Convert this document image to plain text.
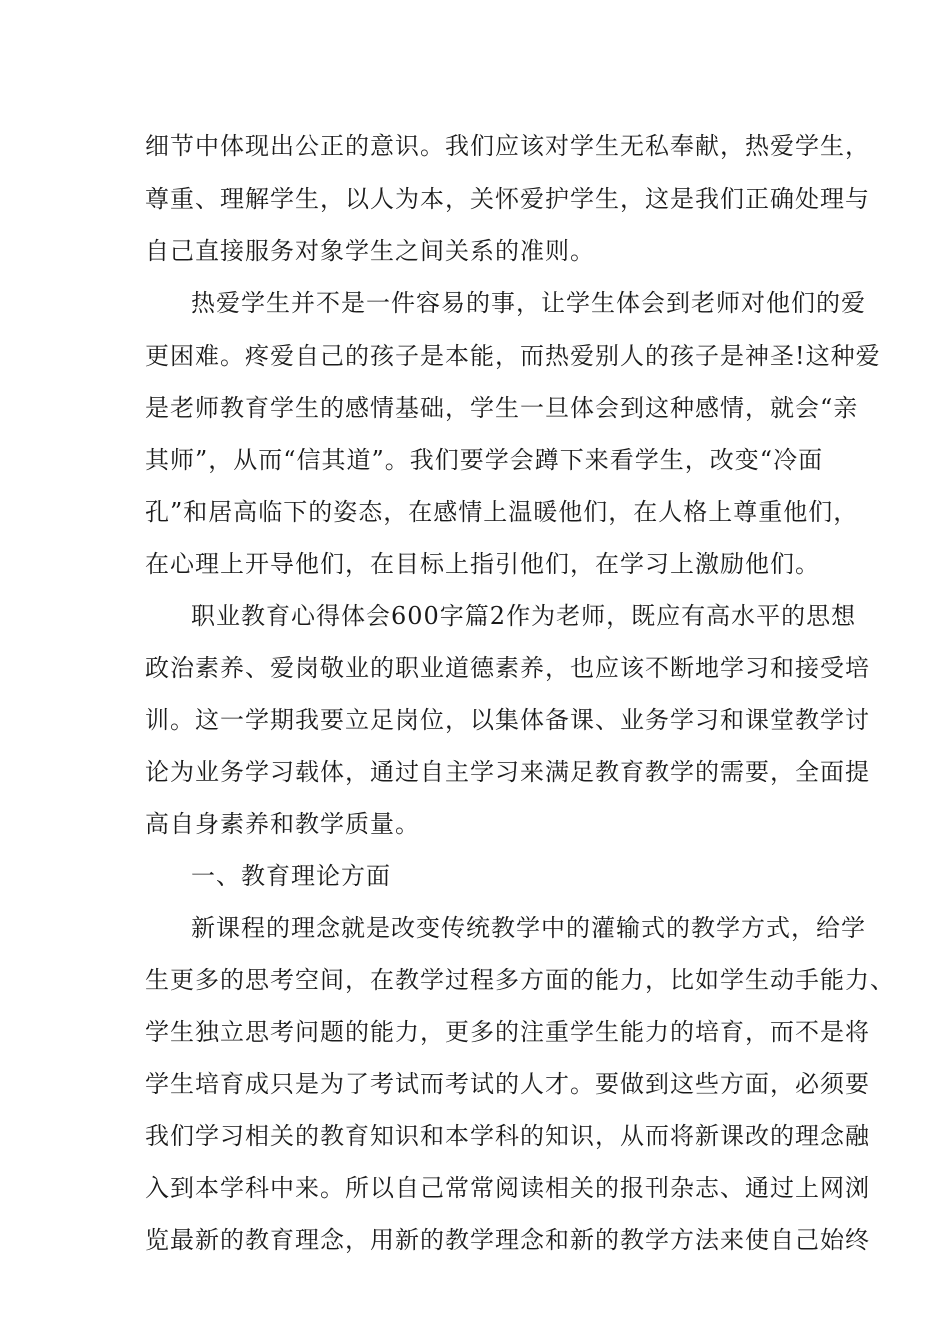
细节中体现出公正的意识。我们应该对学生无私奉献，热爱学生，
尊重、理解学生，以人为本，关怀爱护学生，这是我们正确处理与
自己直接服务对象学生之间关系的准则。
热爱学生并不是一件容易的事，让学生体会到老师对他们的爱
更困难。疼爱自己的孩子是本能，而热爱别人的孩子是神圣!这种爱
是老师教育学生的感情基础，学生一旦体会到这种感情，就会“亲
其师”，从而“信其道”。我们要学会蹲下来看学生，改变“冷面
孔”和居高临下的姿态，在感情上温暖他们，在人格上尊重他们，
在心理上开导他们，在目标上指引他们，在学习上激励他们。
职业教育心得体会600字篇2作为老师，既应有高水平的思想
政治素养、爱岗敬业的职业道德素养，也应该不断地学习和接受培
训。这一学期我要立足岗位，以集体备课、业务学习和课堂教学讨
论为业务学习载体，通过自主学习来满足教育教学的需要，全面提
高自身素养和教学质量。
一、教育理论方面
新课程的理念就是改变传统教学中的灌输式的教学方式，给学
生更多的思考空间，在教学过程多方面的能力，比如学生动手能力、
学生独立思考问题的能力，更多的注重学生能力的培育，而不是将
学生培育成只是为了考试而考试的人才。要做到这些方面，必须要
我们学习相关的教育知识和本学科的知识，从而将新课改的理念融
入到本学科中来。所以自己常常阅读相关的报刊杂志、通过上网浏
览最新的教育理念，用新的教学理念和新的教学方法来使自己始终
